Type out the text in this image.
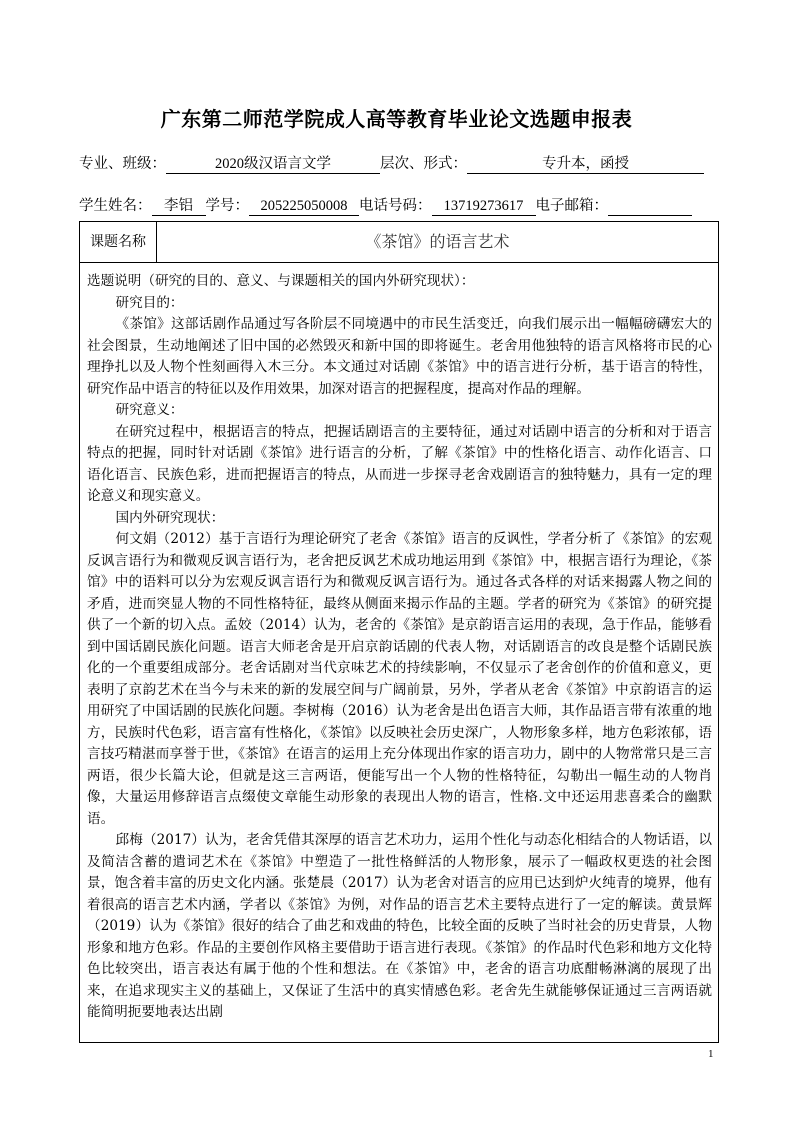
广东第二师范学院成人高等教育毕业论文选题申报表
专业、班级：	2020级汉语言文学	层次、形式：	专升本，函授
学生姓名： 李铝 学号： 205225050008 电话号码： 13719273617 电子邮箱：
课题名称	《茶馆》的语言艺术

选题说明（研究的目的、意义、与课题相关的国内外研究现状）：

研究目的：

《茶馆》这部话剧作品通过写各阶层不同境遇中的市民生活变迁，向我们展示出一幅幅磅礴宏大的社会图景，生动地阐述了旧中国的必然毁灭和新中国的即将诞生。老舍用他独特的语言风格将市民的心理挣扎以及人物个性刻画得入木三分。本文通过对话剧《茶馆》中的语言进行分析，基于语言的特性，研究作品中语言的特征以及作用效果，加深对语言的把握程度，提高对作品的理解。

研究意义：

在研究过程中，根据语言的特点，把握话剧语言的主要特征，通过对话剧中语言的分析和对于语言特点的把握，同时针对话剧《茶馆》进行语言的分析，了解《茶馆》中的性格化语言、动作化语言、口语化语言、民族色彩，进而把握语言的特点，从而进一步探寻老舍戏剧语言的独特魅力，具有一定的理论意义和现实意义。

国内外研究现状：

何文娟（2012）基于言语行为理论研究了老舍《茶馆》语言的反讽性，学者分析了《茶馆》的宏观反讽言语行为和微观反讽言语行为，老舍把反讽艺术成功地运用到《茶馆》中，根据言语行为理论，《茶馆》中的语料可以分为宏观反讽言语行为和微观反讽言语行为。通过各式各样的对话来揭露人物之间的矛盾，进而突显人物的不同性格特征，最终从侧面来揭示作品的主题。学者的研究为《茶馆》的研究提供了一个新的切入点。孟姣（2014）认为，老舍的《茶馆》是京韵语言运用的表现，急于作品，能够看到中国话剧民族化问题。语言大师老舍是开启京韵话剧的代表人物，对话剧语言的改良是整个话剧民族化的一个重要组成部分。老舍话剧对当代京味艺术的持续影响，不仅显示了老舍创作的价值和意义，更表明了京韵艺术在当今与未来的新的发展空间与广阔前景，另外，学者从老舍《茶馆》中京韵语言的运用研究了中国话剧的民族化问题。李树梅（2016）认为老舍是出色语言大师，其作品语言带有浓重的地方，民族时代色彩，语言富有性格化，《茶馆》以反映社会历史深广，人物形象多样，地方色彩浓郁，语言技巧精湛而享誉于世，《茶馆》在语言的运用上充分体现出作家的语言功力，剧中的人物常常只是三言两语，很少长篇大论，但就是这三言两语，便能写出一个人物的性格特征，勾勒出一幅生动的人物肖像，大量运用修辞语言点缀使文章能生动形象的表现出人物的语言，性格.文中还运用悲喜柔合的幽默语。

邱梅（2017）认为，老舍凭借其深厚的语言艺术功力，运用个性化与动态化相结合的人物话语，以及简洁含蓄的遣词艺术在《茶馆》中塑造了一批性格鲜活的人物形象，展示了一幅政权更迭的社会图景，饱含着丰富的历史文化内涵。张楚晨（2017）认为老舍对语言的应用已达到炉火纯青的境界，他有着很高的语言艺术内涵，学者以《茶馆》为例，对作品的语言艺术主要特点进行了一定的解读。黄景辉（2019）认为《茶馆》很好的结合了曲艺和戏曲的特色，比较全面的反映了当时社会的历史背景，人物形象和地方色彩。作品的主要创作风格主要借助于语言进行表现。《茶馆》的作品时代色彩和地方文化特色比较突出，语言表达有属于他的个性和想法。在《茶馆》中，老舍的语言功底酣畅淋漓的展现了出来，在追求现实主义的基础上，又保证了生活中的真实情感色彩。老舍先生就能够保证通过三言两语就能简明扼要地表达出剧

1
